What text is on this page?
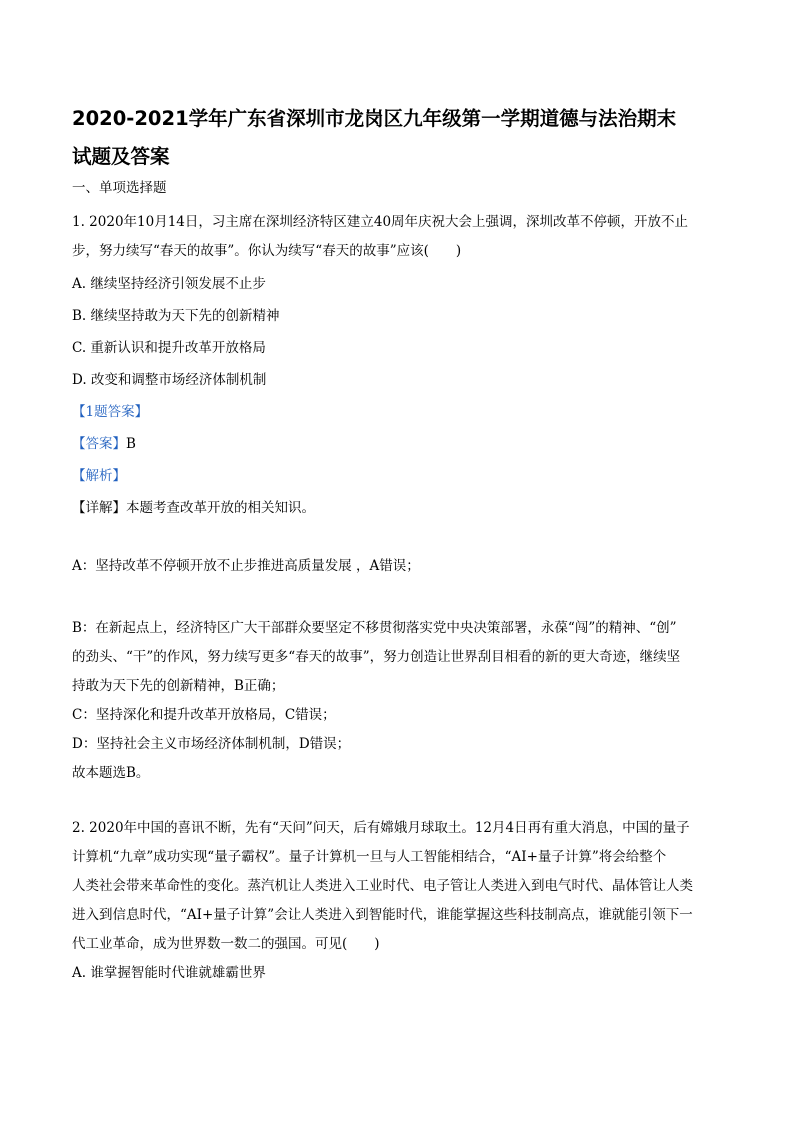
2020-2021学年广东省深圳市龙岗区九年级第一学期道德与法治期末
试题及答案
一、单项选择题

1. 2020年10月14日，习主席在深圳经济特区建立40周年庆祝大会上强调，深圳改革不停顿，开放不止
步，努力续写“春天的故事”。你认为续写“春天的故事”应该(　　)

A. 继续坚持经济引领发展不止步

B. 继续坚持敢为天下先的创新精神

C. 重新认识和提升改革开放格局

D. 改变和调整市场经济体制机制

【1题答案】

【答案】B

【解析】

【详解】本题考查改革开放的相关知识。

A：坚持改革不停顿开放不止步推进高质量发展 ，A错误；

B：在新起点上，经济特区广大干部群众要坚定不移贯彻落实党中央决策部署，永葆“闯”的精神、“创”
的劲头、“干”的作风，努力续写更多“春天的故事”，努力创造让世界刮目相看的新的更大奇迹，继续坚
持敢为天下先的创新精神，B正确；

C：坚持深化和提升改革开放格局，C错误；

D：坚持社会主义市场经济体制机制，D错误；

故本题选B。

2. 2020年中国的喜讯不断，先有“天问”问天，后有嫦娥月球取土。12月4日再有重大消息，中国的量子
计算机“九章”成功实现“量子霸权”。量子计算机一旦与人工智能相结合，“AI+量子计算”将会给整个
人类社会带来革命性的变化。蒸汽机让人类进入工业时代、电子管让人类进入到电气时代、晶体管让人类
进入到信息时代，“AI+量子计算”会让人类进入到智能时代，谁能掌握这些科技制高点，谁就能引领下一
代工业革命，成为世界数一数二的强国。可见(　　)

A. 谁掌握智能时代谁就雄霸世界
